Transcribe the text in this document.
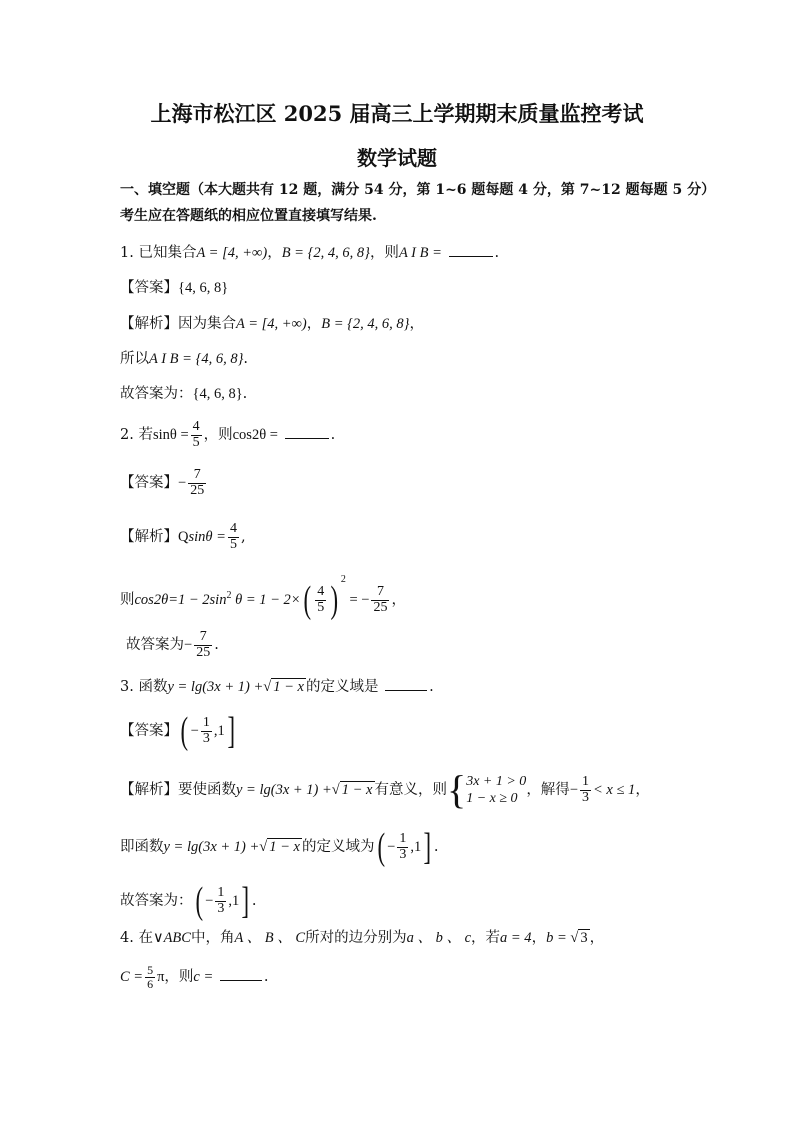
上海市松江区 2025 届高三上学期期末质量监控考试
数学试题
一、填空题（本大题共有 12 题，满分 54 分，第 1~6 题每题 4 分，第 7~12 题每题 5 分）
考生应在答题纸的相应位置直接填写结果.
1. 已知集合A = [4, +∞)，B = {2, 4, 6, 8}，则A I B =	.
【答案】{4, 6, 8}
【解析】因为集合A = [4, +∞)，B = {2, 4, 6, 8}，
所以A I B = {4, 6, 8}.
故答案为：{4, 6, 8}.
2. 若$\sin\theta = \frac{4}{5}$ ，则cos2θ =	.
【答案】− $\frac{7}{25}$
【解析】$Qsin\theta = \frac{4}{5}$ ,
则$\cos 2\theta=1 - 2\sin^2$ $\theta = 1 - 2\times( \frac{4}{5}$ ) $^2$ = − $\frac{7}{25}$ ，
故答案为− $\frac{7}{25}$ .
3. 函数y = lg(3x + 1) +√ 1 − x 的定义域是	.
【答案】( − $\frac{1}{3} ,1$]
【解析】要使函数y = lg(3x + 1) +√ 1 − x 有意义，则 { 3x + 1 > 0
1 − x ≥ 0
，解得− $\frac{1}{3} < x \le 1$，
即函数y = lg(3x + 1) +√ 1 − x 的定义域为( − $\frac{1}{3} ,1$] .
故答案为：( − $\frac{1}{3} ,1$] .
4. 在∨ABC中，角A 、 B 、 C所对的边分别为a 、 b 、 c，若a = 4，b = √ 3 ，
$C = \frac{5}{6}$ π，则c =	.
